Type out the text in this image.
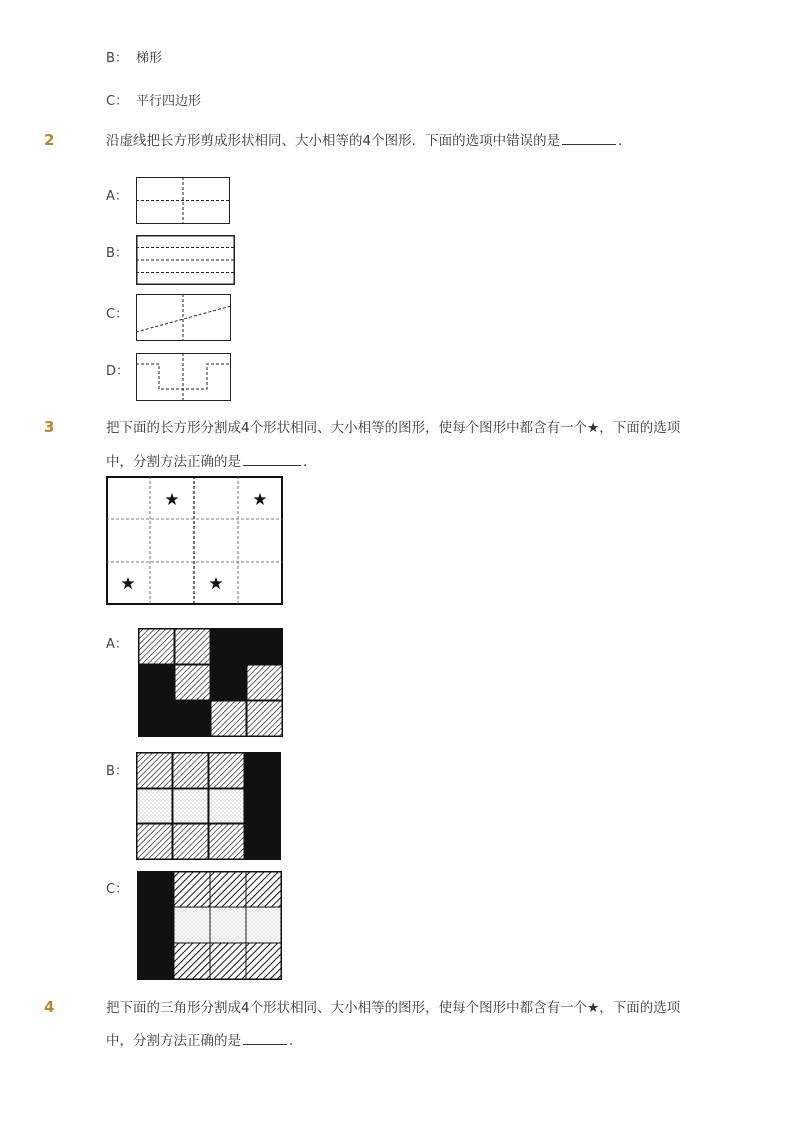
B： 梯形
C： 平行四边形
2	沿虚线把长方形剪成形状相同、大小相等的4个图形．下面的选项中错误的是	．
A：
B：
C：
D：
3	把下面的长方形分割成4个形状相同、大小相等的图形，使每个图形中都含有一个★，下面的选项
中，分割方法正确的是	．
★	★
★	★
A：
B：
C：
4	把下面的三角形分割成4个形状相同、大小相等的图形，使每个图形中都含有一个★，下面的选项
中，分割方法正确的是	．
